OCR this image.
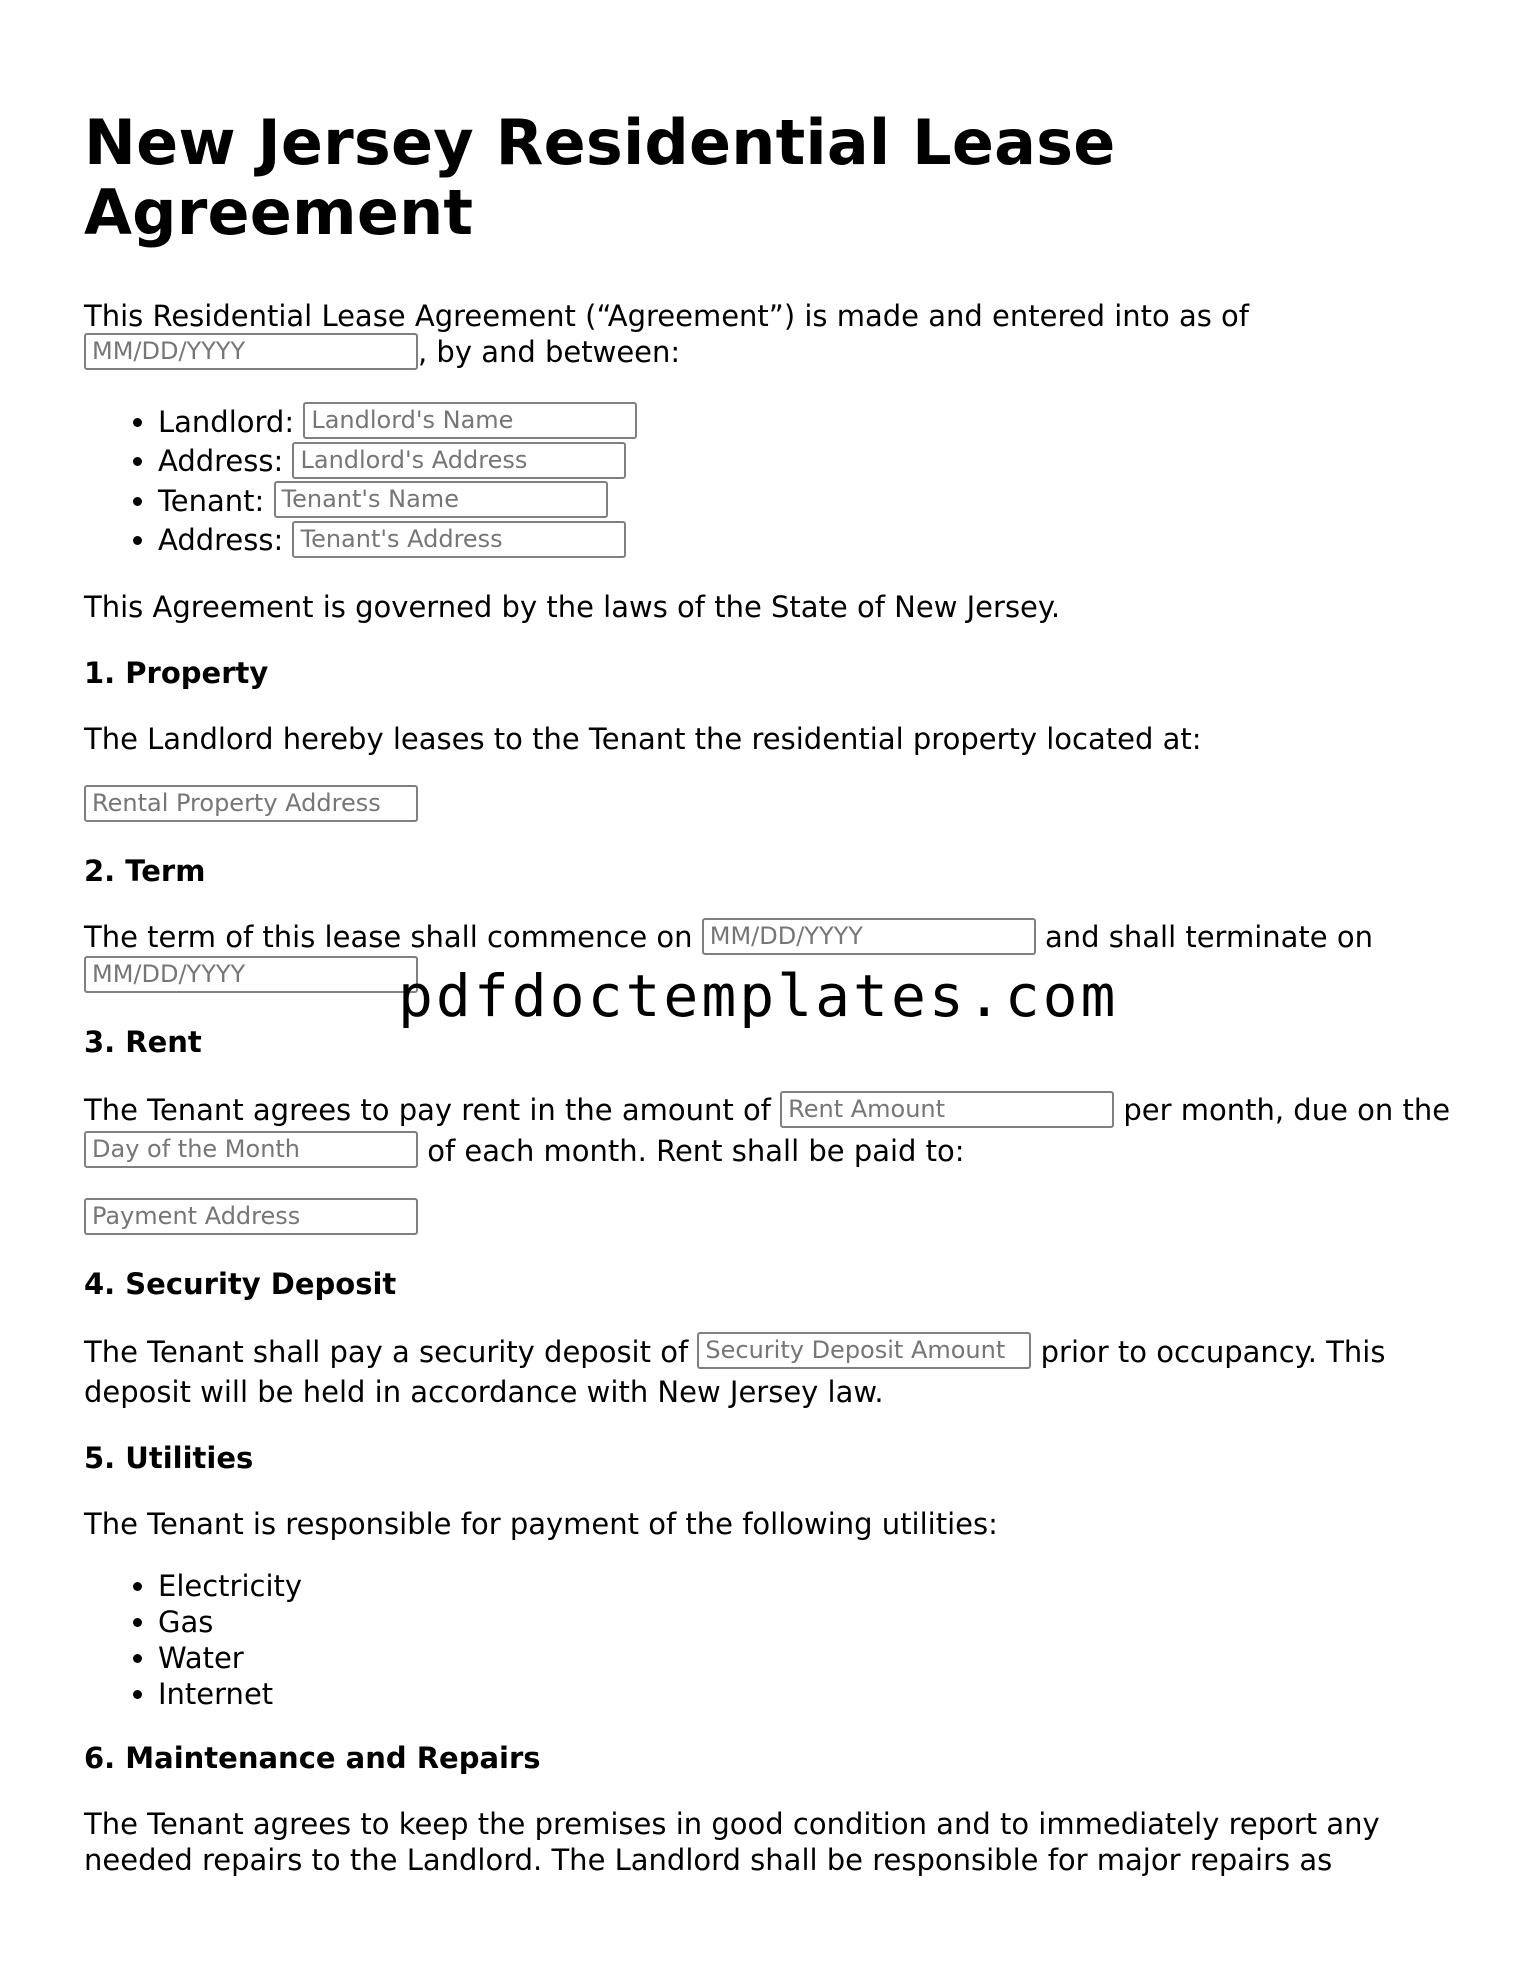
New Jersey Residential Lease Agreement

This Residential Lease Agreement (“Agreement”) is made and entered into as of
MM/DD/YYYY	, by and between:

• Landlord: Landlord's Name
• Address: Landlord's Address
• Tenant: Tenant's Name
• Address: Tenant's Address

This Agreement is governed by the laws of the State of New Jersey.

1. Property

The Landlord hereby leases to the Tenant the residential property located at:

Rental Property Address

2. Term

The term of this lease shall commence on MM/DD/YYYY	and shall terminate on
MM/DD/YYYY

3. Rent

The Tenant agrees to pay rent in the amount of Rent Amount	per month, due on the Day of the Month	of each month. Rent shall be paid to:

Payment Address

4. Security Deposit

The Tenant shall pay a security deposit of Security Deposit Amount prior to occupancy. This deposit will be held in accordance with New Jersey law.

5. Utilities

The Tenant is responsible for payment of the following utilities:

• Electricity
• Gas
• Water
• Internet
6. Maintenance and Repairs

The Tenant agrees to keep the premises in good condition and to immediately report any needed repairs to the Landlord. The Landlord shall be responsible for major repairs as

pdfdoctemplates.com
